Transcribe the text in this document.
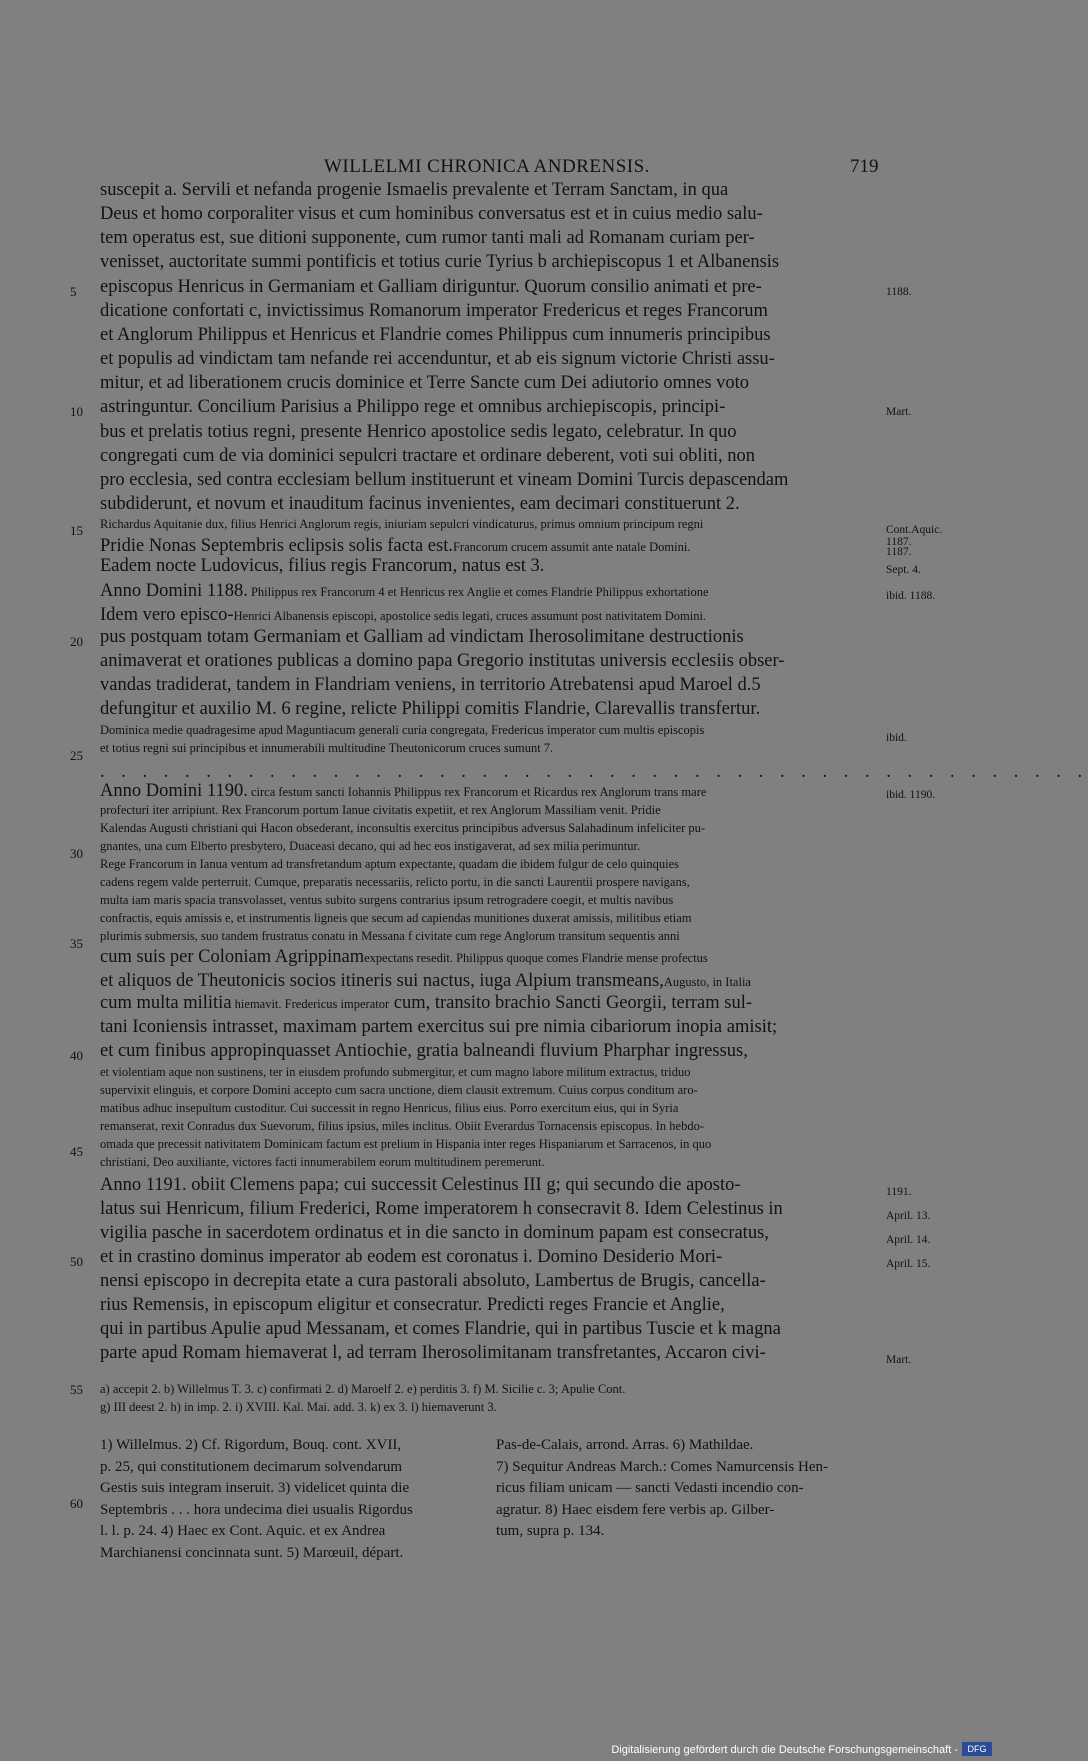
WILLELMI CHRONICA ANDRENSIS.	719
suscepit a. Servili et nefanda progenie Ismaelis prevalente et Terram Sanctam, in qua
Deus et homo corporaliter visus et cum hominibus conversatus est et in cuius medio salu-
tem operatus est, sue ditioni supponente, cum rumor tanti mali ad Romanam curiam per-
venisset, auctoritate summi pontificis et totius curie Tyrius b archiepiscopus 1 et Albanensis
episcopus Henricus in Germaniam et Galliam diriguntur. Quorum consilio animati et pre-
dicatione confortati c, invictissimus Romanorum imperator Fredericus et reges Francorum
et Anglorum Philippus et Henricus et Flandrie comes Philippus cum innumeris principibus
et populis ad vindictam tam nefande rei accenduntur, et ab eis signum victorie Christi assu-
mitur, et ad liberationem crucis dominice et Terre Sancte cum Dei adiutorio omnes voto
astringuntur. Concilium Parisius a Philippo rege et omnibus archiepiscopis, principi-
bus et prelatis totius regni, presente Henrico apostolice sedis legato, celebratur. In quo
congregati cum de via dominici sepulcri tractare et ordinare deberent, voti sui obliti, non
pro ecclesia, sed contra ecclesiam bellum instituerunt et vineam Domini Turcis depascendam
subdiderunt, et novum et inauditum facinus invenientes, eam decimari constituerunt 2.
Richardus Aquitanie dux, filius Henrici Anglorum regis, iniuriam sepulcri vindicaturus, primus omnium principum regni
Pridie Nonas Septembris eclipsis solis facta est.Francorum crucem assumit ante natale Domini.
Eadem nocte Ludovicus, filius regis Francorum, natus est 3.
Anno Domini 1188. Philippus rex Francorum 4 et Henricus rex Anglie et comes Flandrie Philippus exhortatione
Idem vero episco-Henrici Albanensis episcopi, apostolice sedis legati, cruces assumunt post nativitatem Domini.
pus postquam totam Germaniam et Galliam ad vindictam Iherosolimitane destructionis
animaverat et orationes publicas a domino papa Gregorio institutas universis ecclesiis obser-
vandas tradiderat, tandem in Flandriam veniens, in territorio Atrebatensi apud Maroel d.5
defungitur et auxilio M. 6 regine, relicte Philippi comitis Flandrie, Clarevallis transfertur.
Dominica medie quadragesime apud Maguntiacum generali curia congregata, Fredericus imperator cum multis episcopis
et totius regni sui principibus et innumerabili multitudine Theutonicorum cruces sumunt 7.
. . . . . . . . . . . . . . . . . . . . . . . . . . . . . . . . . . . . . . . . . . . . . . .
Anno Domini 1190. circa festum sancti Iohannis Philippus rex Francorum et Ricardus rex Anglorum trans mare
profecturi iter arripiunt. Rex Francorum portum Ianue civitatis expetiit, et rex Anglorum Massiliam venit. Pridie
Kalendas Augusti christiani qui Hacon obsederant, inconsultis exercitus principibus adversus Salahadinum infeliciter pu-
gnantes, una cum Elberto presbytero, Duaceasi decano, qui ad hec eos instigaverat, ad sex milia perimuntur.
Rege Francorum in Ianua ventum ad transfretandum aptum expectante, quadam die ibidem fulgur de celo quinquies
cadens regem valde perterruit. Cumque, preparatis necessariis, relicto portu, in die sancti Laurentii prospere navigans,
multa iam maris spacia transvolasset, ventus subito surgens contrarius ipsum retrogradere coegit, et multis navibus
confractis, equis amissis e, et instrumentis ligneis que secum ad capiendas munitiones duxerat amissis, militibus etiam
plurimis submersis, suo tandem frustratus conatu in Messana f civitate cum rege Anglorum transitum sequentis anni
cum suis per Coloniam Agrippinamexpectans resedit. Philippus quoque comes Flandrie mense profectus
et aliquos de Theutonicis socios itineris sui nactus, iuga Alpium transmeans,Augusto, in Italia
cum multa militia hiemavit. Fredericus imperator cum, transito brachio Sancti Georgii, terram sul-
tani Iconiensis intrasset, maximam partem exercitus sui pre nimia cibariorum inopia amisit;
et cum finibus appropinquasset Antiochie, gratia balneandi fluvium Pharphar ingressus,
et violentiam aque non sustinens, ter in eiusdem profundo submergitur, et cum magno labore militum extractus, triduo
supervixit elinguis, et corpore Domini accepto cum sacra unctione, diem clausit extremum. Cuius corpus conditum aro-
matibus adhuc insepultum custoditur. Cui successit in regno Henricus, filius eius. Porro exercitum eius, qui in Syria
remanserat, rexit Conradus dux Suevorum, filius ipsius, miles inclitus. Obiit Everardus Tornacensis episcopus. In hebdo-
omada que precessit nativitatem Dominicam factum est prelium in Hispania inter reges Hispaniarum et Sarracenos, in quo
christiani, Deo auxiliante, victores facti innumerabilem eorum multitudinem peremerunt.
Anno 1191. obiit Clemens papa; cui successit Celestinus III g; qui secundo die aposto-
latus sui Henricum, filium Frederici, Rome imperatorem h consecravit 8. Idem Celestinus in
vigilia pasche in sacerdotem ordinatus et in die sancto in dominum papam est consecratus,
et in crastino dominus imperator ab eodem est coronatus i. Domino Desiderio Mori-
nensi episcopo in decrepita etate a cura pastorali absoluto, Lambertus de Brugis, cancella-
rius Remensis, in episcopum eligitur et consecratur. Predicti reges Francie et Anglie,
qui in partibus Apulie apud Messanam, et comes Flandrie, qui in partibus Tuscie et k magna
parte apud Romam hiemaverat l, ad terram Iherosolimitanam transfretantes, Accaron civi-
5
10
15
20
25
30
35
40
45
50
55
60
1188.
Mart.
Cont.Aquic.
1187.
1187.
Sept. 4.
ibid. 1188.
ibid.
ibid. 1190.
1191.
April. 13.
April. 14.
April. 15.
Mart.
a) accepit 2. b) Willelmus T. 3. c) confirmati 2. d) Maroelf 2. e) perditis 3. f) M. Sicilie c. 3; Apulie Cont.
g) III deest 2. h) in imp. 2. i) XVIII. Kal. Mai. add. 3. k) ex 3. l) hiemaverunt 3.
1) Willelmus. 2) Cf. Rigordum, Bouq. cont. XVII,
p. 25, qui constitutionem decimarum solvendarum
Gestis suis integram inseruit. 3) videlicet quinta die
Septembris . . . hora undecima diei usualis Rigordus
l. l. p. 24. 4) Haec ex Cont. Aquic. et ex Andrea
Marchianensi concinnata sunt. 5) Marœuil, départ.
Pas-de-Calais, arrond. Arras. 6) Mathildae.
7) Sequitur Andreas March.: Comes Namurcensis Hen-
ricus filiam unicam — sancti Vedasti incendio con-
agratur. 8) Haec eisdem fere verbis ap. Gilber-
tum, supra p. 134.
Digitalisierung gefördert durch die Deutsche Forschungsgemeinschaft -	DFG
